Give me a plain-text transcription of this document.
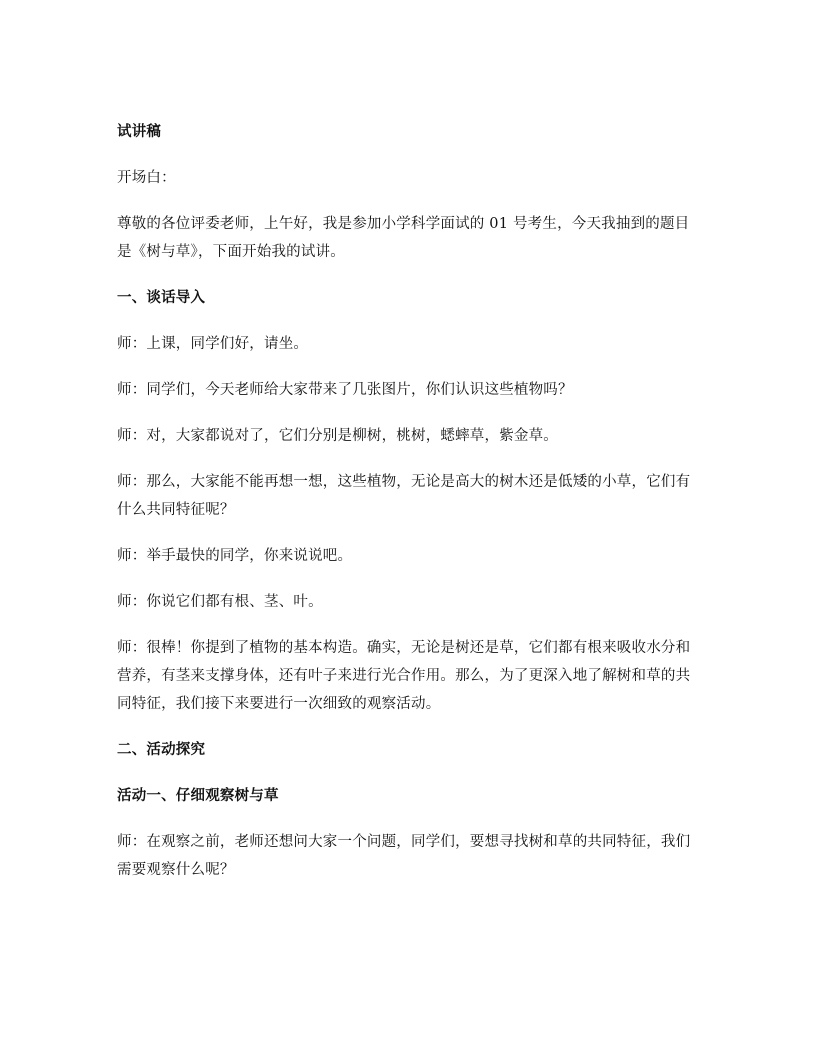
试讲稿

开场白：

尊敬的各位评委老师，上午好，我是参加小学科学面试的 01 号考生，今天我抽到的题目是《树与草》，下面开始我的试讲。

一、谈话导入

师：上课，同学们好，请坐。

师：同学们，今天老师给大家带来了几张图片，你们认识这些植物吗？

师：对，大家都说对了，它们分别是柳树，桃树，蟋蟀草，紫金草。

师：那么，大家能不能再想一想，这些植物，无论是高大的树木还是低矮的小草，它们有什么共同特征呢？

师：举手最快的同学，你来说说吧。

师：你说它们都有根、茎、叶。

师：很棒！你提到了植物的基本构造。确实，无论是树还是草，它们都有根来吸收水分和营养，有茎来支撑身体，还有叶子来进行光合作用。那么，为了更深入地了解树和草的共同特征，我们接下来要进行一次细致的观察活动。

二、活动探究

活动一、仔细观察树与草

师：在观察之前，老师还想问大家一个问题，同学们，要想寻找树和草的共同特征，我们需要观察什么呢？
